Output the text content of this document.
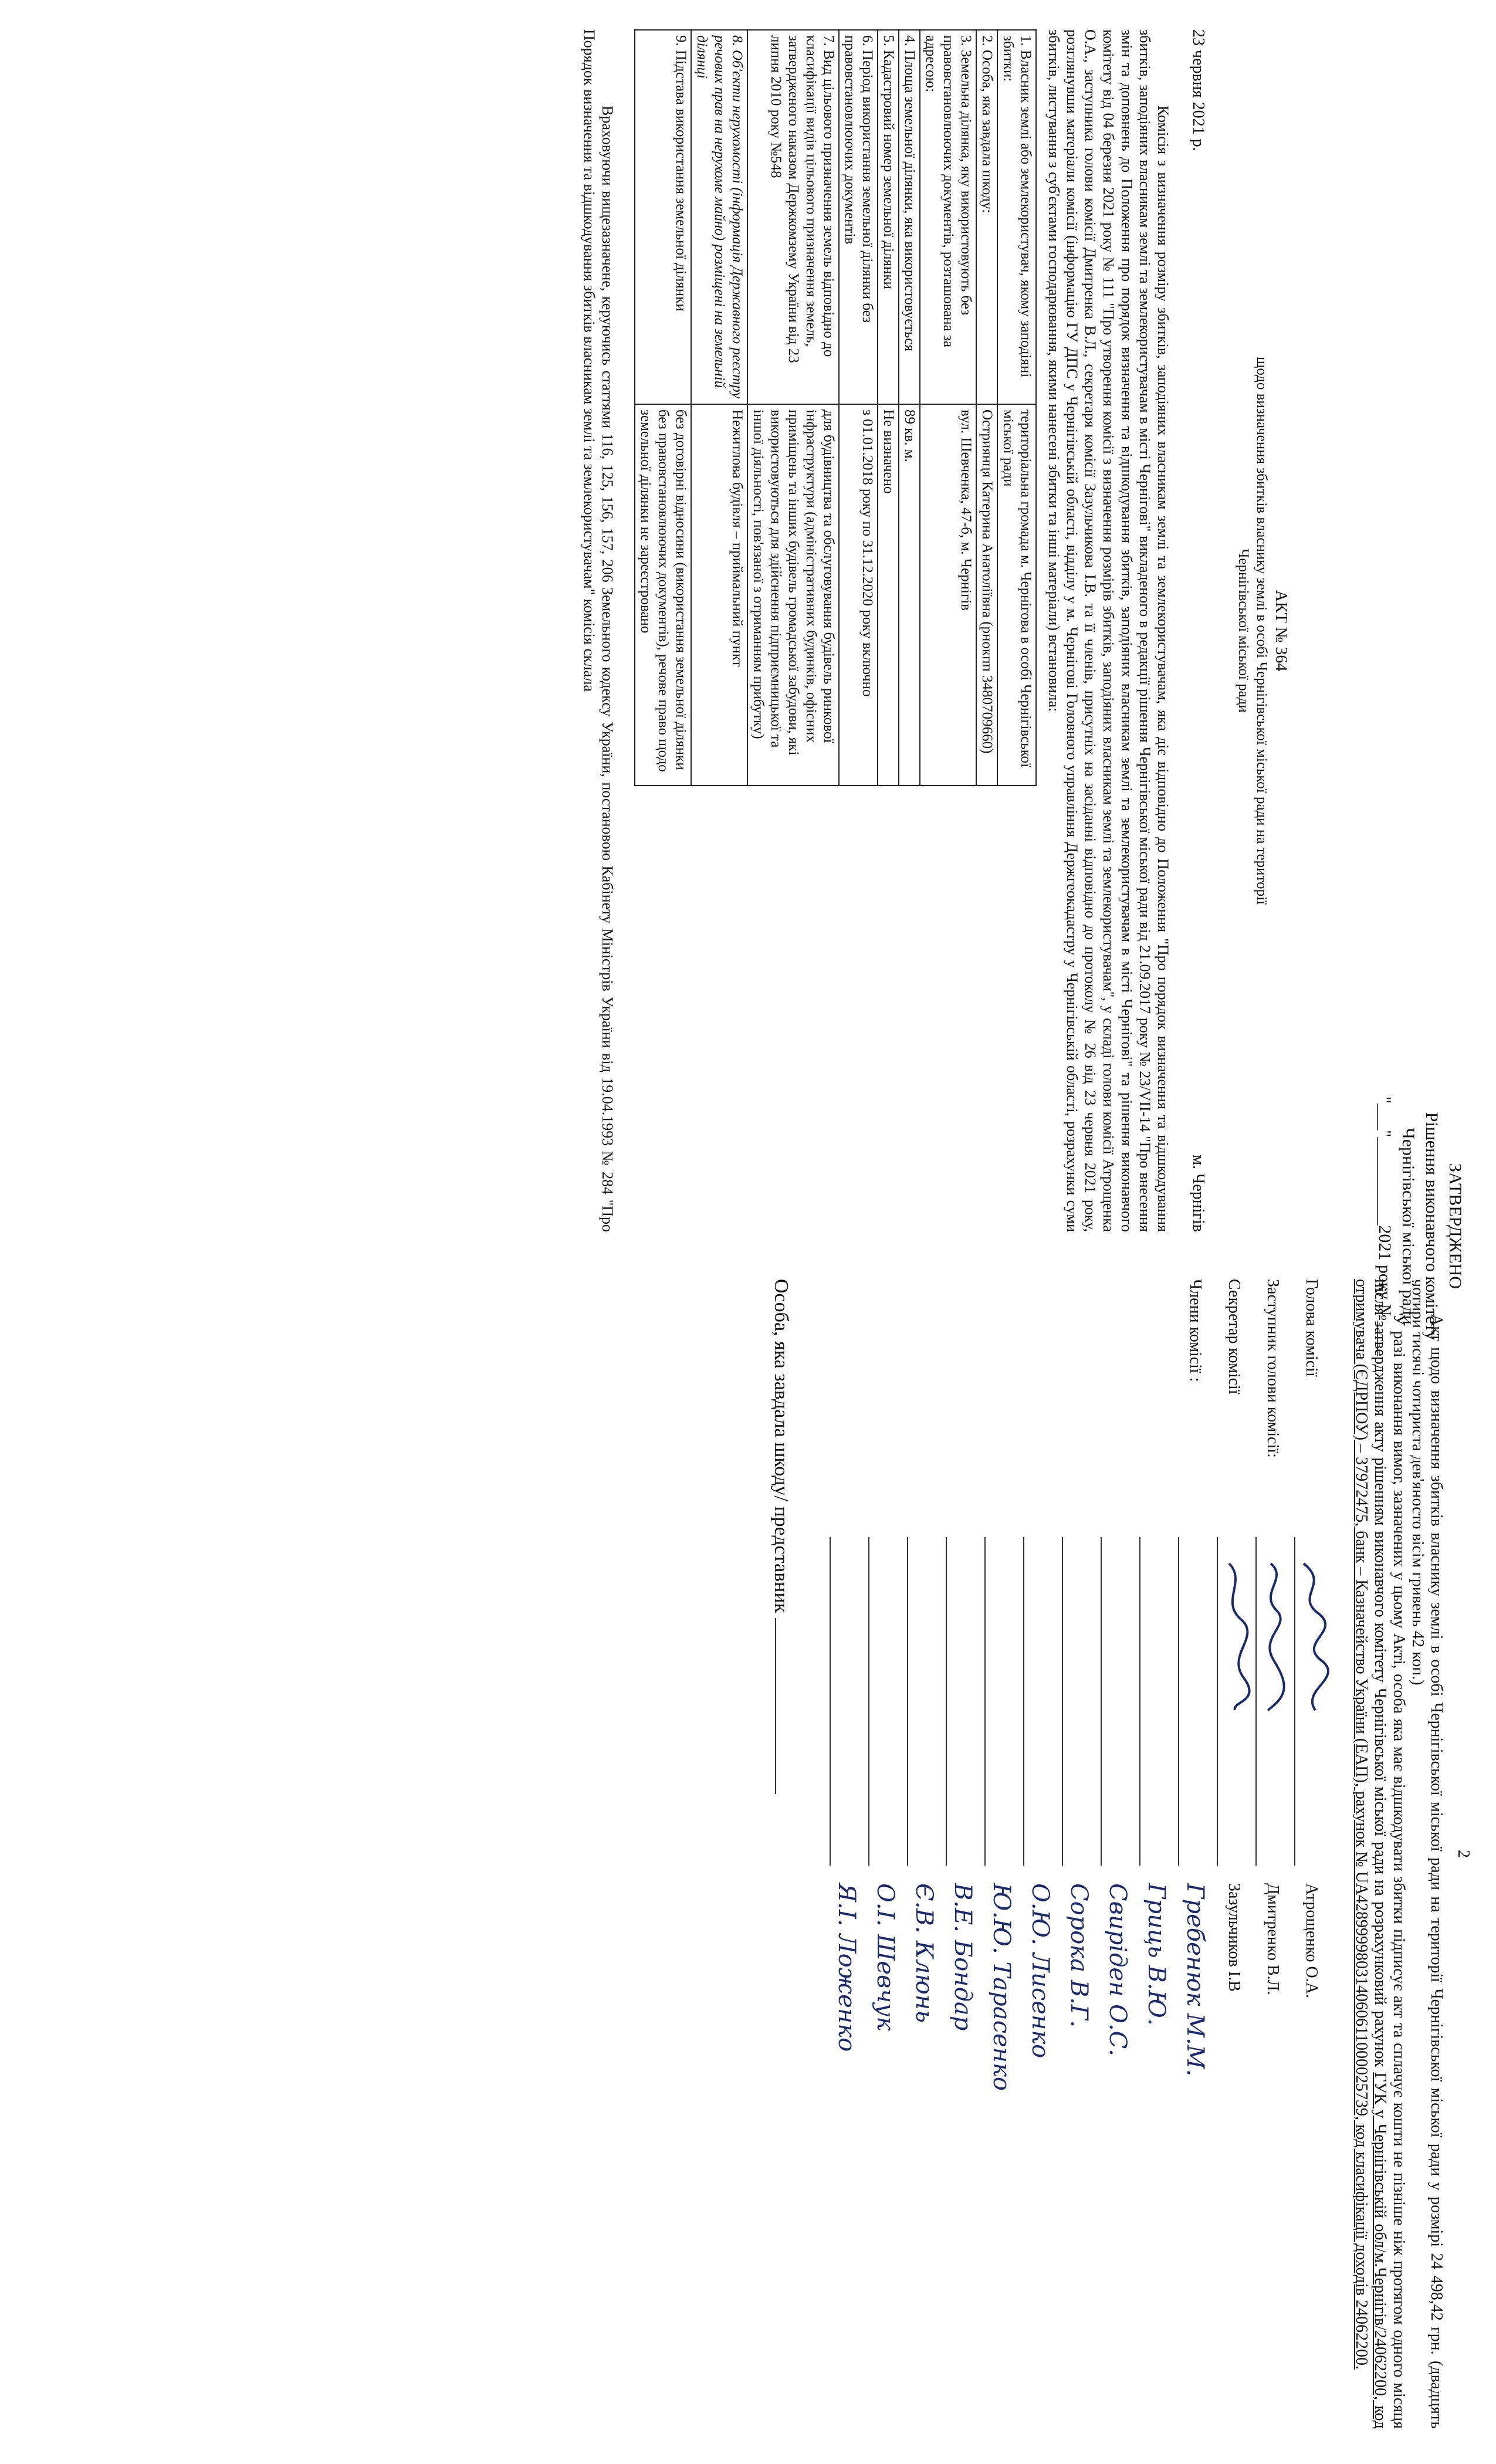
ЗАТВЕРДЖЕНО
Рішення виконавчого комітету
Чернігівської міської ради
"___"__________2021 року №____
АКТ № 364
щодо визначення збитків власнику землі в особі Чернігівської міської ради на території
Чернігівської міської ради
23 червня 2021 р.
м. Чернігів

Комісія з визначення розміру збитків, заподіяних власникам землі та землекористувачам, яка діє відповідно до Положення "Про порядок визначення та відшкодування збитків, заподіяних власникам землі та землекористувачам в місті Чернігові" викладеного в редакції рішення Чернігівської міської ради від 21.09.2017 року № 23/VII-14 "Про внесення змін та доповнень до Положення про порядок визначення та відшкодування збитків, заподіяних власникам землі та землекористувачам в місті Чернігові" та рішення виконавчого комітету від 04 березня 2021 року № 111 "Про утворення комісії з визначення розмірів збитків, заподіяних власникам землі та землекористувачам", у складі голови комісії Атрощенка О.А., заступника голови комісії Дмитренка В.Л., секретаря комісії Зазульчикова І.В. та її членів, присутніх на засіданні відповідно до протоколу № 26 від 23 червня 2021 року, розглянувши матеріали комісії (інформацію ГУ ДПС у Чернігівській області, відділу у м. Чернігові Головного управління Держгеокадастру у Чернігівській області, розрахунки суми збитків, листування з суб'єктами господарювання, якими нанесені збитки та інші матеріали) встановила:

1. Власник землі або землекористувач, якому заподіяні збитки:	територіальна громада м. Чернігова в особі Чернігівської міської ради
2. Особа, яка завдала шкоду:	Остриянця Катерина Анатоліївна (рнокпп 3480709660)
3. Земельна ділянка, яку використовують без правовстановлюючих документів, розташована за адресою:	вул. Шевченка, 47-б, м. Чернігів
4. Площа земельної ділянки, яка використовується	89 кв. м.
5. Кадастровий номер земельної ділянки	Не визначено
6. Період використання земельної ділянки без правовстановлюючих документів	з 01.01.2018 року по 31.12.2020 року включно
7. Вид цільового призначення земель відповідно до класифікації видів цільового призначення земель, затвердженого наказом Держкомзему України від 23 липня 2010 року №548	для будівництва та обслуговування будівель ринкової інфраструктури (адміністративних будинків, офісних приміщень та інших будівель громадської забудови, які використовуються для здійснення підприємницької та іншої діяльності, пов'язаної з отриманням прибутку)
8. Об'єкти нерухомості (інформація Державного реєстру речових прав на нерухоме майно) розміщені на земельній ділянці	Нежитлова будівля – приймальний пункт
9. Підстава використання земельної ділянки	без договірні відносини (використання земельної ділянки без правовстановлюючих документів), речове право щодо земельної ділянки не зареєстровано

Враховуючи вищезазначене, керуючись статтями 116, 125, 156, 157, 206 Земельного кодексу України, постановою Кабінету Міністрів України від 19.04.1993 № 284 "Про Порядок визначення та відшкодування збитків власникам землі та землекористувачам" комісія склала

2

Акт щодо визначення збитків власнику землі в особі Чернігівської міської ради на території Чернігівської міської ради у розмірі 24 498,42 грн. (двадцять чотири тисячі чотириста дев'яносто вісім гривень 42 коп.)

У разі виконання вимог, зазначених у цьому Акті, особа яка має відшкодувати збитки підписує акт та сплачує кошти не пізніше ніж протягом одного місяця після затвердження акту рішенням виконавчого комітету Чернігівської міської ради на розрахунковий рахунок ГУК у Чернігівській обл/м.Чернігів/24062200, код отримувача (ЄДРПОУ) – 37972475, банк – Казначейство України (ЕАП), рахунок № UA428999980314060611000025739, код класифікації доходів 24062200.

Голова комісії
Атрощенко О.А.
Заступник голови комісії:
Дмитренко В.Л.
Секретар комісії
Зазульчиков І.В
Члени комісії :
Гребенюк М.М.
Гриць В.Ю.
Свиріден О.С.
Сорока В.Г.
О.Ю. Лисенко
Ю.Ю. Тарасенко
В.Е. Бондар
Є.В. Клюнь
О.І. Шевчук
Я.І. Ложенко
Особа, яка завдала шкоду/ представник
